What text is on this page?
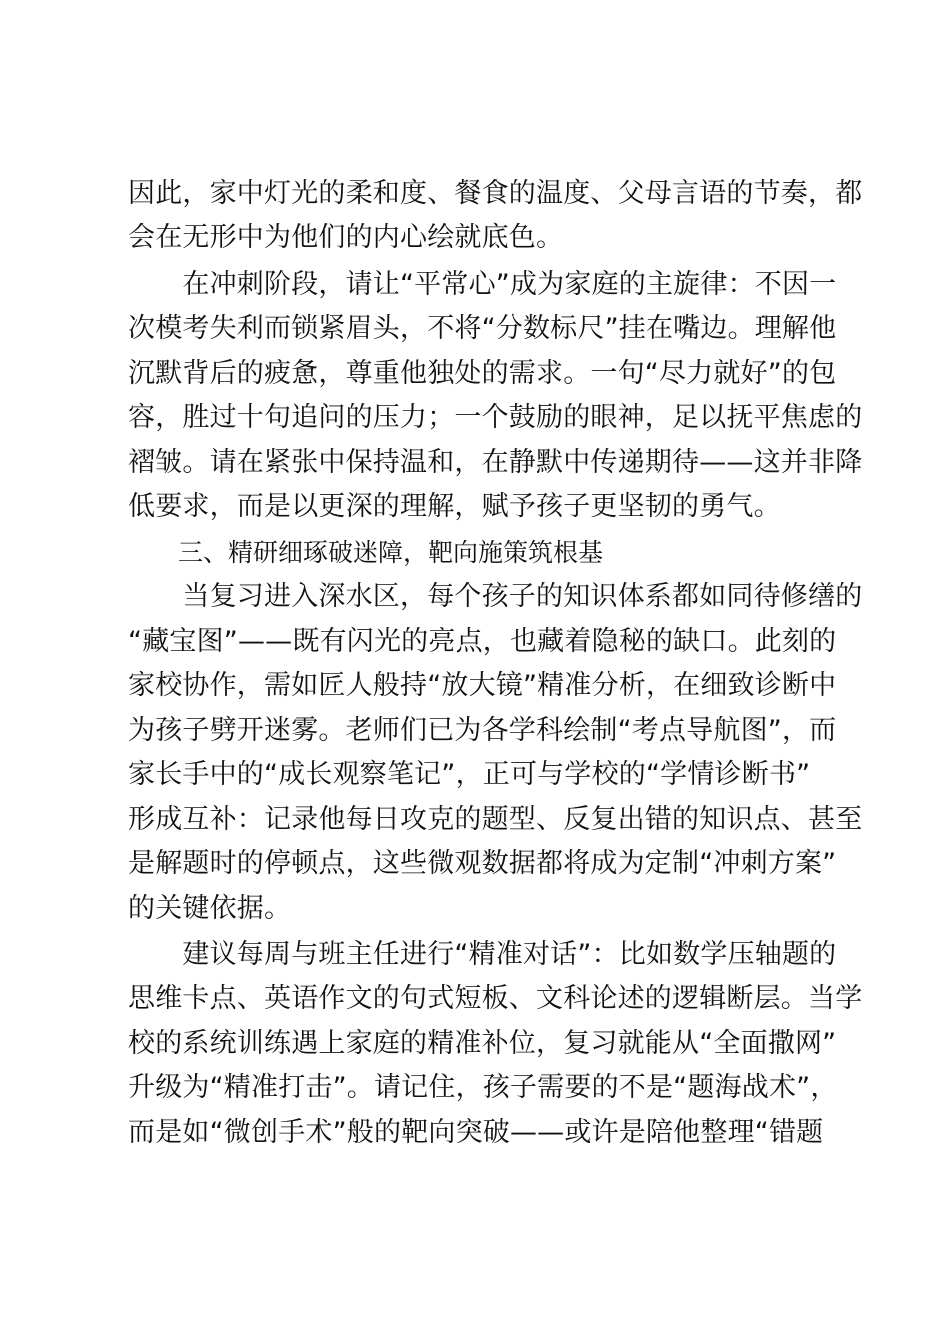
因此，家中灯光的柔和度、餐食的温度、父母言语的节奏，都
会在无形中为他们的内心绘就底色。
　　在冲刺阶段，请让“平常心”成为家庭的主旋律：不因一
次模考失利而锁紧眉头，不将“分数标尺”挂在嘴边。理解他
沉默背后的疲惫，尊重他独处的需求。一句“尽力就好”的包
容，胜过十句追问的压力；一个鼓励的眼神，足以抚平焦虑的
褶皱。请在紧张中保持温和，在静默中传递期待——这并非降
低要求，而是以更深的理解，赋予孩子更坚韧的勇气。
　　三、精研细琢破迷障，靶向施策筑根基
　　当复习进入深水区，每个孩子的知识体系都如同待修缮的
“藏宝图”——既有闪光的亮点，也藏着隐秘的缺口。此刻的
家校协作，需如匠人般持“放大镜”精准分析，在细致诊断中
为孩子劈开迷雾。老师们已为各学科绘制“考点导航图”，而
家长手中的“成长观察笔记”，正可与学校的“学情诊断书”
形成互补：记录他每日攻克的题型、反复出错的知识点、甚至
是解题时的停顿点，这些微观数据都将成为定制“冲刺方案”
的关键依据。
　　建议每周与班主任进行“精准对话”：比如数学压轴题的
思维卡点、英语作文的句式短板、文科论述的逻辑断层。当学
校的系统训练遇上家庭的精准补位，复习就能从“全面撒网”
升级为“精准打击”。请记住，孩子需要的不是“题海战术”，
而是如“微创手术”般的靶向突破——或许是陪他整理“错题
